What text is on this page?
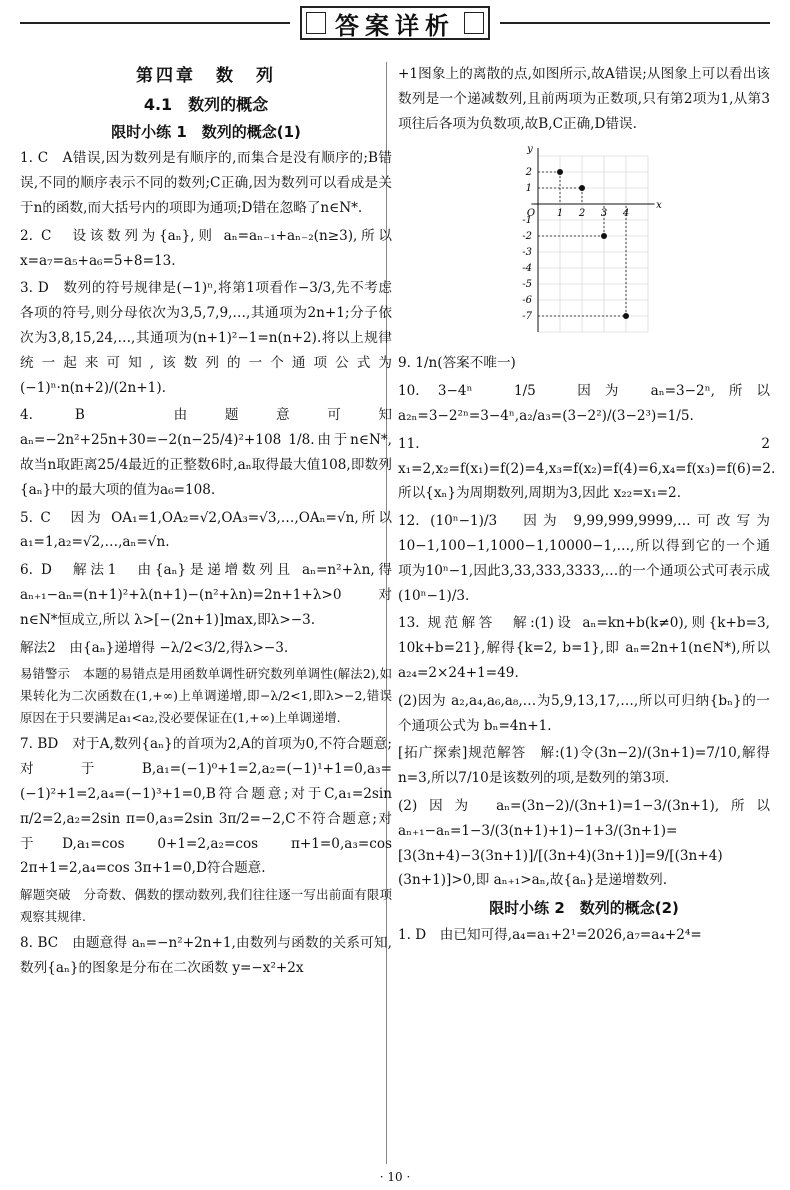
答案详析
第四章　数　列
4.1　数列的概念
限时小练 1　数列的概念(1)

1. C　A错误,因为数列是有顺序的,而集合是没有顺序的;B错误,不同的顺序表示不同的数列;C正确,因为数列可以看成是关于n的函数,而大括号内的项即为通项;D错在忽略了n∈N*.

2. C　设该数列为{aₙ},则 aₙ=aₙ₋₁+aₙ₋₂(n≥3),所以 x=a₇=a₅+a₆=5+8=13.

3. D　数列的符号规律是(−1)ⁿ,将第1项看作−3/3,先不考虑各项的符号,则分母依次为3,5,7,9,…,其通项为2n+1;分子依次为3,8,15,24,…,其通项为(n+1)²−1=n(n+2).将以上规律统一起来可知,该数列的一个通项公式为(−1)ⁿ·n(n+2)/(2n+1).

4. B　由题意可知 aₙ=−2n²+25n+30=−2(n−25/4)²+108 1/8.由于n∈N*,故当n取距离25/4最近的正整数6时,aₙ取得最大值108,即数列{aₙ}中的最大项的值为a₆=108.

5. C　因为 OA₁=1,OA₂=√2,OA₃=√3,…,OAₙ=√n,所以 a₁=1,a₂=√2,…,aₙ=√n.

6. D　解法1　由{aₙ}是递增数列且 aₙ=n²+λn,得 aₙ₊₁−aₙ=(n+1)²+λ(n+1)−(n²+λn)=2n+1+λ>0 对n∈N*恒成立,所以 λ>[−(2n+1)]max,即λ>−3.

解法2　由{aₙ}递增得 −λ/2<3/2,得λ>−3.

易错警示　本题的易错点是用函数单调性研究数列单调性(解法2),如果转化为二次函数在(1,+∞)上单调递增,即−λ/2<1,即λ>−2,错误原因在于只要满足a₁<a₂,没必要保证在(1,+∞)上单调递增.

7. BD　对于A,数列{aₙ}的首项为2,A的首项为0,不符合题意;对于B,a₁=(−1)⁰+1=2,a₂=(−1)¹+1=0,a₃=(−1)²+1=2,a₄=(−1)³+1=0,B符合题意;对于C,a₁=2sin π/2=2,a₂=2sin π=0,a₃=2sin 3π/2=−2,C不符合题意;对于D,a₁=cos 0+1=2,a₂=cos π+1=0,a₃=cos 2π+1=2,a₄=cos 3π+1=0,D符合题意.

解题突破　分奇数、偶数的摆动数列,我们往往逐一写出前面有限项观察其规律.

8. BC　由题意得 aₙ=−n²+2n+1,由数列与函数的关系可知,数列{aₙ}的图象是分布在二次函数 y=−x²+2x

+1图象上的离散的点,如图所示,故A错误;从图象上可以看出该数列是一个递减数列,且前两项为正数项,只有第2项为1,从第3项往后各项为负数项,故B,C正确,D错误.

x
y
O 1 2 3 4
2
1
-1
-2
-3
-4
-5
-6
-7

9. 1/n(答案不唯一)

10. 3−4ⁿ　1/5　因为 aₙ=3−2ⁿ,所以 a₂ₙ=3−2²ⁿ=3−4ⁿ,a₂/a₃=(3−2²)/(3−2³)=1/5.

11. 2　x₁=2,x₂=f(x₁)=f(2)=4,x₃=f(x₂)=f(4)=6,x₄=f(x₃)=f(6)=2.所以{xₙ}为周期数列,周期为3,因此 x₂₂=x₁=2.

12. (10ⁿ−1)/3　因为 9,99,999,9999,…可改写为10−1,100−1,1000−1,10000−1,…,所以得到它的一个通项为10ⁿ−1,因此3,33,333,3333,…的一个通项公式可表示成(10ⁿ−1)/3.

13. 规范解答　解:(1)设 aₙ=kn+b(k≠0),则{k+b=3, 10k+b=21},解得{k=2, b=1},即 aₙ=2n+1(n∈N*),所以 a₂₄=2×24+1=49.

(2)因为 a₂,a₄,a₆,a₈,…为5,9,13,17,…,所以可归纳{bₙ}的一个通项公式为 bₙ=4n+1.

[拓广探索]规范解答　解:(1)令(3n−2)/(3n+1)=7/10,解得 n=3,所以7/10是该数列的项,是数列的第3项.

(2)因为 aₙ=(3n−2)/(3n+1)=1−3/(3n+1),所以 aₙ₊₁−aₙ=1−3/(3(n+1)+1)−1+3/(3n+1)=[3(3n+4)−3(3n+1)]/[(3n+4)(3n+1)]=9/[(3n+4)(3n+1)]>0,即 aₙ₊₁>aₙ,故{aₙ}是递增数列.

限时小练 2　数列的概念(2)

1. D　由已知可得,a₄=a₁+2¹=2026,a₇=a₄+2⁴=

· 10 ·
